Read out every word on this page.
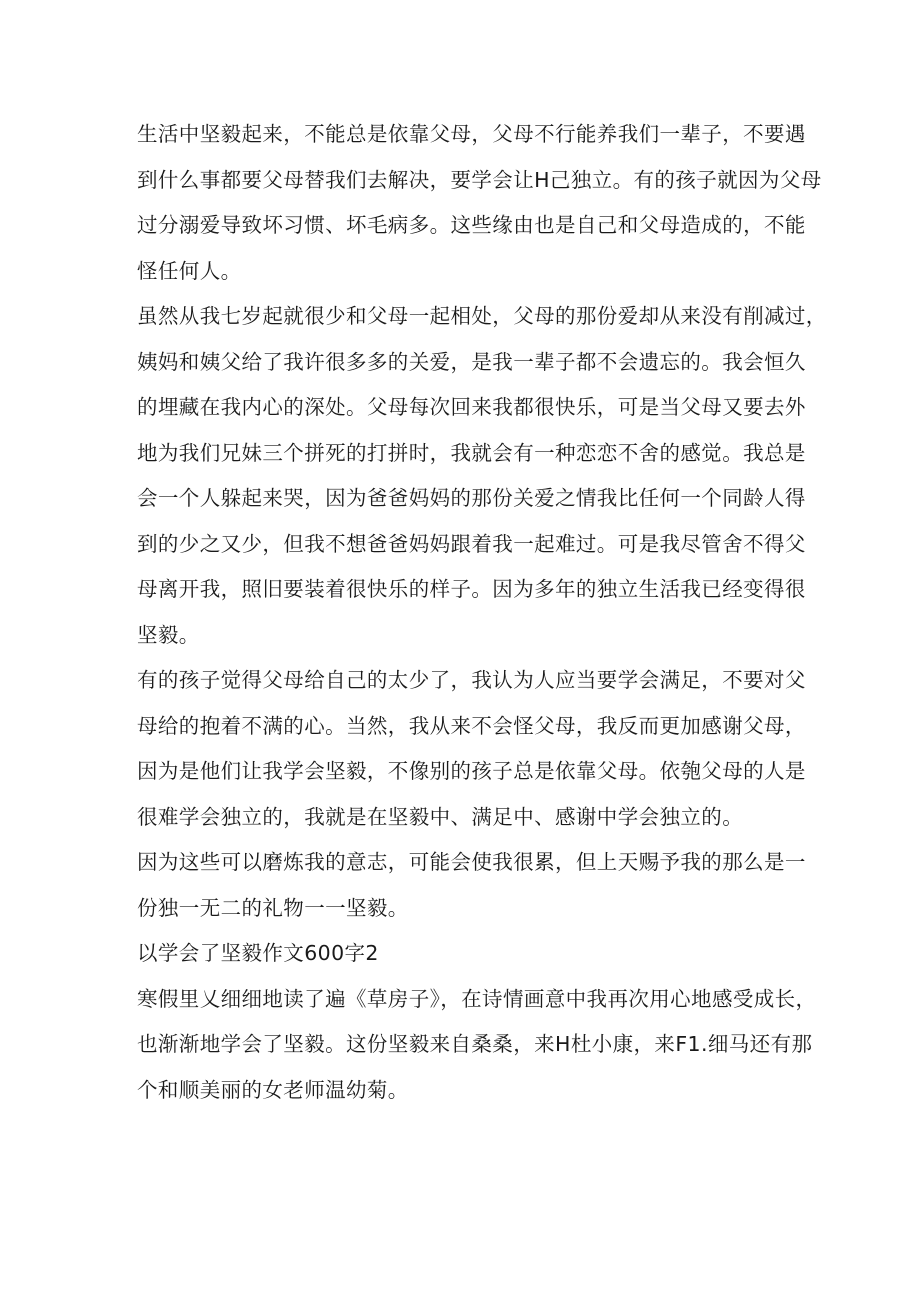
生活中坚毅起来，不能总是依靠父母，父母不行能养我们一辈子，不要遇
到什么事都要父母替我们去解决，要学会让H己独立。有的孩子就因为父母
过分溺爱导致坏习惯、坏毛病多。这些缘由也是自己和父母造成的，不能
怪任何人。
虽然从我七岁起就很少和父母一起相处，父母的那份爱却从来没有削减过，
姨妈和姨父给了我许很多多的关爱，是我一辈子都不会遗忘的。我会恒久
的埋藏在我内心的深处。父母每次回来我都很快乐，可是当父母又要去外
地为我们兄妹三个拼死的打拼时，我就会有一种恋恋不舍的感觉。我总是
会一个人躲起来哭，因为爸爸妈妈的那份关爱之情我比任何一个同龄人得
到的少之又少，但我不想爸爸妈妈跟着我一起难过。可是我尽管舍不得父
母离开我，照旧要装着很快乐的样子。因为多年的独立生活我已经变得很
坚毅。
有的孩子觉得父母给自己的太少了，我认为人应当要学会满足，不要对父
母给的抱着不满的心。当然，我从来不会怪父母，我反而更加感谢父母，
因为是他们让我学会坚毅，不像别的孩子总是依靠父母。依匏父母的人是
很难学会独立的，我就是在坚毅中、满足中、感谢中学会独立的。
因为这些可以磨炼我的意志，可能会使我很累，但上天赐予我的那么是一
份独一无二的礼物一一坚毅。
以学会了坚毅作文600字2
寒假里乂细细地读了遍《草房子》，在诗情画意中我再次用心地感受成长，
也渐渐地学会了坚毅。这份坚毅来自桑桑，来H杜小康，来F1.细马还有那
个和顺美丽的女老师温幼菊。
